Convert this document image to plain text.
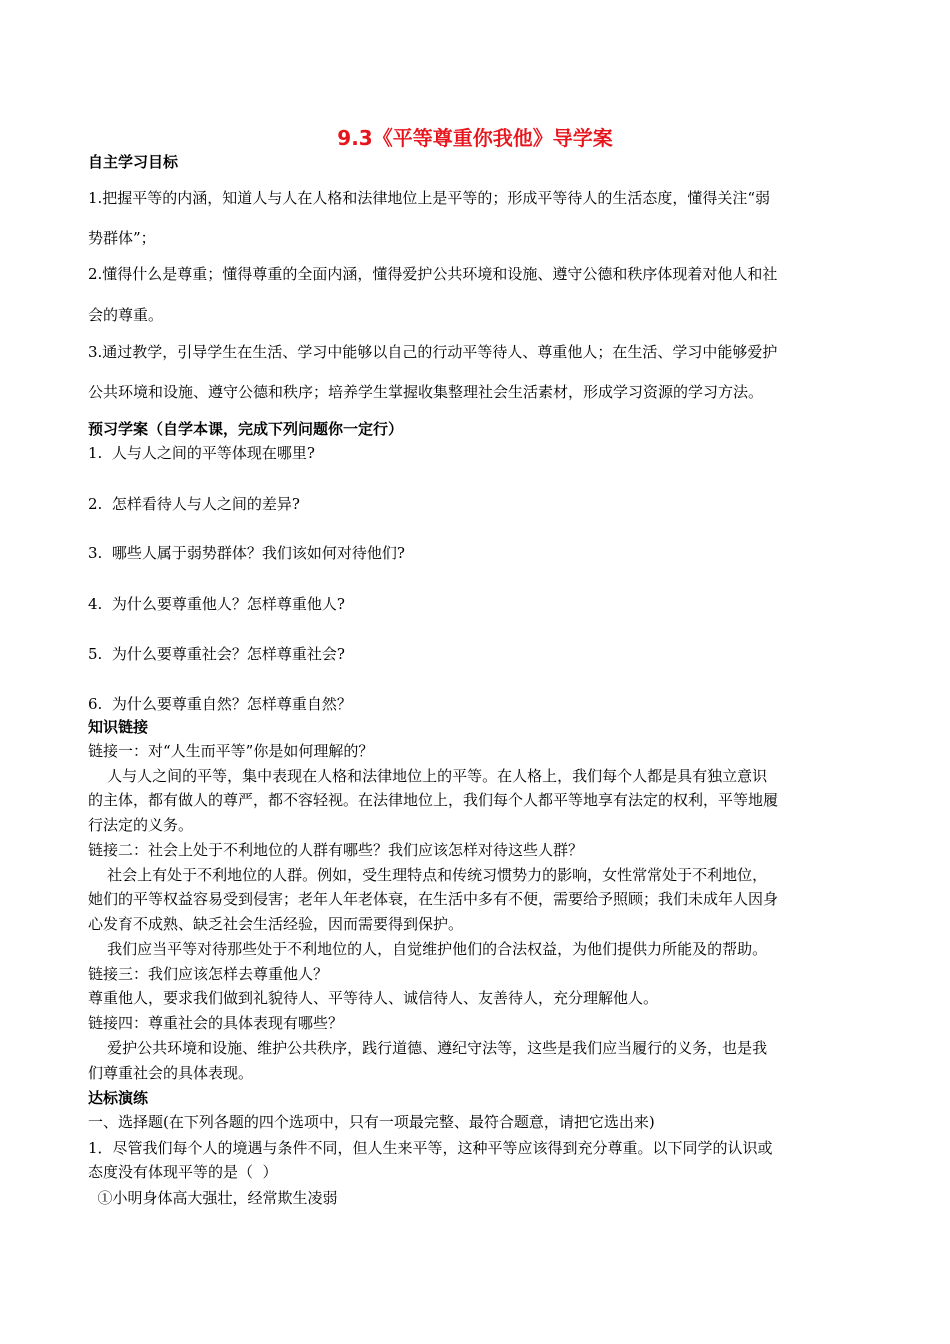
9.3《平等尊重你我他》导学案
自主学习目标
1.把握平等的内涵，知道人与人在人格和法律地位上是平等的；形成平等待人的生活态度，懂得关注“弱
势群体”；
2.懂得什么是尊重；懂得尊重的全面内涵，懂得爱护公共环境和设施、遵守公德和秩序体现着对他人和社
会的尊重。
3.通过教学，引导学生在生活、学习中能够以自己的行动平等待人、尊重他人；在生活、学习中能够爱护
公共环境和设施、遵守公德和秩序；培养学生掌握收集整理社会生活素材，形成学习资源的学习方法。
预习学案（自学本课，完成下列问题你一定行）
1.  人与人之间的平等体现在哪里?
2.  怎样看待人与人之间的差异?
3.  哪些人属于弱势群体？我们该如何对待他们?
4.  为什么要尊重他人？怎样尊重他人?
5.  为什么要尊重社会？怎样尊重社会?
6.  为什么要尊重自然？怎样尊重自然？
知识链接
链接一：对“人生而平等”你是如何理解的？
人与人之间的平等，集中表现在人格和法律地位上的平等。在人格上，我们每个人都是具有独立意识
的主体，都有做人的尊严，都不容轻视。在法律地位上，我们每个人都平等地享有法定的权利，平等地履
行法定的义务。
链接二：社会上处于不利地位的人群有哪些？我们应该怎样对待这些人群？
社会上有处于不利地位的人群。例如，受生理特点和传统习惯势力的影响，女性常常处于不利地位，
她们的平等权益容易受到侵害；老年人年老体衰，在生活中多有不便，需要给予照顾；我们未成年人因身
心发育不成熟、缺乏社会生活经验，因而需要得到保护。
我们应当平等对待那些处于不利地位的人，自觉维护他们的合法权益，为他们提供力所能及的帮助。
链接三：我们应该怎样去尊重他人？
尊重他人，要求我们做到礼貌待人、平等待人、诚信待人、友善待人，充分理解他人。
链接四：尊重社会的具体表现有哪些？
爱护公共环境和设施、维护公共秩序，践行道德、遵纪守法等，这些是我们应当履行的义务，也是我
们尊重社会的具体表现。
达标演练
一、选择题(在下列各题的四个选项中，只有一项最完整、最符合题意，请把它选出来)
1．尽管我们每个人的境遇与条件不同，但人生来平等，这种平等应该得到充分尊重。以下同学的认识或
态度没有体现平等的是（  ）
①小明身体高大强壮，经常欺生凌弱
